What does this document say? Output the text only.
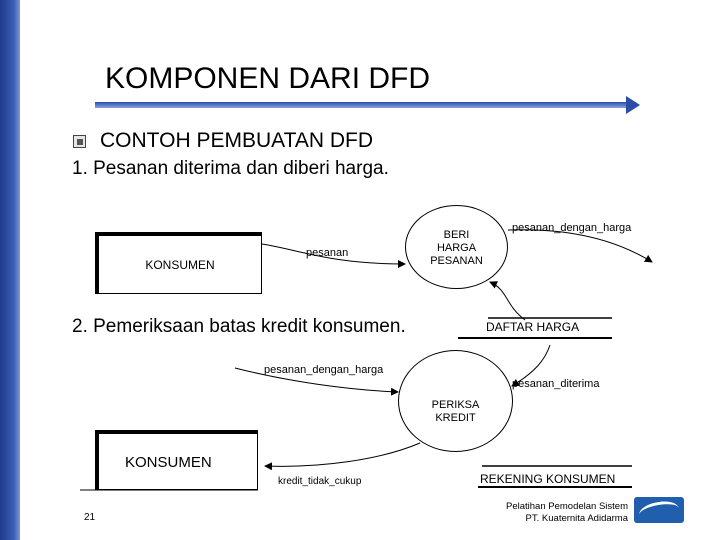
KOMPONEN DARI DFD
CONTOH PEMBUATAN DFD
1. Pesanan diterima dan diberi harga.
KONSUMEN
pesanan
BERI
HARGA
PESANAN
pesanan_dengan_harga
DAFTAR HARGA
2. Pemeriksaan batas kredit konsumen.
pesanan_dengan_harga
PERIKSA
KREDIT
pesanan_diterima
KONSUMEN
kredit_tidak_cukup	REKENING KONSUMEN
21
Pelatihan Pemodelan Sistem
PT. Kuaternita Adidarma
